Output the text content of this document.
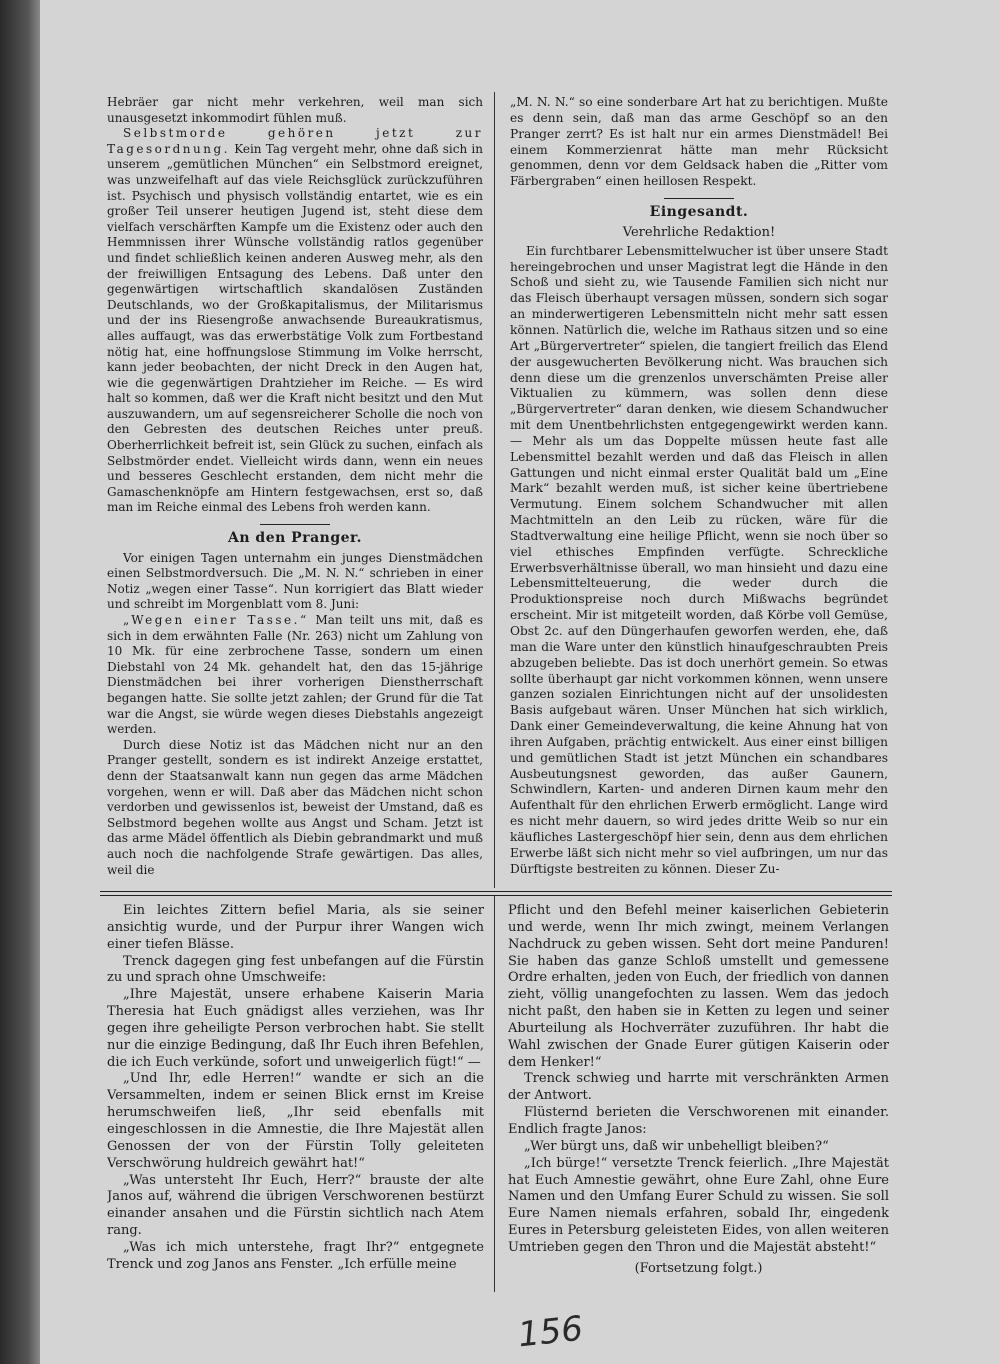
Hebräer gar nicht mehr verkehren, weil man sich unausgesetzt inkommodirt fühlen muß.

Selbstmorde gehören jetzt zur Tagesordnung. Kein Tag vergeht mehr, ohne daß sich in unserem „gemütlichen München“ ein Selbstmord ereignet, was unzweifelhaft auf das viele Reichsglück zurückzuführen ist. Psychisch und physisch vollständig entartet, wie es ein großer Teil unserer heutigen Jugend ist, steht diese dem vielfach verschärften Kampfe um die Existenz oder auch den Hemmnissen ihrer Wünsche vollständig ratlos gegenüber und findet schließlich keinen anderen Ausweg mehr, als den der freiwilligen Entsagung des Lebens. Daß unter den gegenwärtigen wirtschaftlich skandalösen Zuständen Deutschlands, wo der Großkapitalismus, der Militarismus und der ins Riesengroße anwachsende Bureaukratismus, alles auffaugt, was das erwerbstätige Volk zum Fortbestand nötig hat, eine hoffnungslose Stimmung im Volke herrscht, kann jeder beobachten, der nicht Dreck in den Augen hat, wie die gegenwärtigen Drahtzieher im Reiche. — Es wird halt so kommen, daß wer die Kraft nicht besitzt und den Mut auszuwandern, um auf segensreicherer Scholle die noch von den Gebresten des deutschen Reiches unter preuß. Oberherrlichkeit befreit ist, sein Glück zu suchen, einfach als Selbstmörder endet. Vielleicht wirds dann, wenn ein neues und besseres Geschlecht erstanden, dem nicht mehr die Gamaschenknöpfe am Hintern festgewachsen, erst so, daß man im Reiche einmal des Lebens froh werden kann.

An den Pranger.

Vor einigen Tagen unternahm ein junges Dienstmädchen einen Selbstmordversuch. Die „M. N. N.“ schrieben in einer Notiz „wegen einer Tasse“. Nun korrigiert das Blatt wieder und schreibt im Morgenblatt vom 8. Juni:

„Wegen einer Tasse.“ Man teilt uns mit, daß es sich in dem erwähnten Falle (Nr. 263) nicht um Zahlung von 10 Mk. für eine zerbrochene Tasse, sondern um einen Diebstahl von 24 Mk. gehandelt hat, den das 15-jährige Dienstmädchen bei ihrer vorherigen Dienstherrschaft begangen hatte. Sie sollte jetzt zahlen; der Grund für die Tat war die Angst, sie würde wegen dieses Diebstahls angezeigt werden.

Durch diese Notiz ist das Mädchen nicht nur an den Pranger gestellt, sondern es ist indirekt Anzeige erstattet, denn der Staatsanwalt kann nun gegen das arme Mädchen vorgehen, wenn er will. Daß aber das Mädchen nicht schon verdorben und gewissenlos ist, beweist der Umstand, daß es Selbstmord begehen wollte aus Angst und Scham. Jetzt ist das arme Mädel öffentlich als Diebin gebrandmarkt und muß auch noch die nachfolgende Strafe gewärtigen. Das alles, weil die

„M. N. N.“ so eine sonderbare Art hat zu berichtigen. Mußte es denn sein, daß man das arme Geschöpf so an den Pranger zerrt? Es ist halt nur ein armes Dienstmädel! Bei einem Kommerzienrat hätte man mehr Rücksicht genommen, denn vor dem Geldsack haben die „Ritter vom Färbergraben“ einen heillosen Respekt.

Eingesandt.
Verehrliche Redaktion!

Ein furchtbarer Lebensmittelwucher ist über unsere Stadt hereingebrochen und unser Magistrat legt die Hände in den Schoß und sieht zu, wie Tausende Familien sich nicht nur das Fleisch überhaupt versagen müssen, sondern sich sogar an minderwertigeren Lebensmitteln nicht mehr satt essen können. Natürlich die, welche im Rathaus sitzen und so eine Art „Bürgervertreter“ spielen, die tangiert freilich das Elend der ausgewucherten Bevölkerung nicht. Was brauchen sich denn diese um die grenzenlos unverschämten Preise aller Viktualien zu kümmern, was sollen denn diese „Bürgervertreter“ daran denken, wie diesem Schandwucher mit dem Unentbehrlichsten entgegengewirkt werden kann. — Mehr als um das Doppelte müssen heute fast alle Lebensmittel bezahlt werden und daß das Fleisch in allen Gattungen und nicht einmal erster Qualität bald um „Eine Mark“ bezahlt werden muß, ist sicher keine übertriebene Vermutung. Einem solchem Schandwucher mit allen Machtmitteln an den Leib zu rücken, wäre für die Stadtverwaltung eine heilige Pflicht, wenn sie noch über so viel ethisches Empfinden verfügte. Schreckliche Erwerbsverhältnisse überall, wo man hinsieht und dazu eine Lebensmittelteuerung, die weder durch die Produktionspreise noch durch Mißwachs begründet erscheint. Mir ist mitgeteilt worden, daß Körbe voll Gemüse, Obst 2c. auf den Düngerhaufen geworfen werden, ehe, daß man die Ware unter den künstlich hinaufgeschraubten Preis abzugeben beliebte. Das ist doch unerhört gemein. So etwas sollte überhaupt gar nicht vorkommen können, wenn unsere ganzen sozialen Einrichtungen nicht auf der unsolidesten Basis aufgebaut wären. Unser München hat sich wirklich, Dank einer Gemeindeverwaltung, die keine Ahnung hat von ihren Aufgaben, prächtig entwickelt. Aus einer einst billigen und gemütlichen Stadt ist jetzt München ein schandbares Ausbeutungsnest geworden, das außer Gaunern, Schwindlern, Karten- und anderen Dirnen kaum mehr den Aufenthalt für den ehrlichen Erwerb ermöglicht. Lange wird es nicht mehr dauern, so wird jedes dritte Weib so nur ein käufliches Lastergeschöpf hier sein, denn aus dem ehrlichen Erwerbe läßt sich nicht mehr so viel aufbringen, um nur das Dürftigste bestreiten zu können. Dieser Zu-

Ein leichtes Zittern befiel Maria, als sie seiner ansichtig wurde, und der Purpur ihrer Wangen wich einer tiefen Blässe.

Trenck dagegen ging fest unbefangen auf die Fürstin zu und sprach ohne Umschweife:

„Ihre Majestät, unsere erhabene Kaiserin Maria Theresia hat Euch gnädigst alles verziehen, was Ihr gegen ihre geheiligte Person verbrochen habt. Sie stellt nur die einzige Bedingung, daß Ihr Euch ihren Befehlen, die ich Euch verkünde, sofort und unweigerlich fügt!“ —

„Und Ihr, edle Herren!“ wandte er sich an die Versammelten, indem er seinen Blick ernst im Kreise herumschweifen ließ, „Ihr seid ebenfalls mit eingeschlossen in die Amnestie, die Ihre Majestät allen Genossen der von der Fürstin Tolly geleiteten Verschwörung huldreich gewährt hat!“

„Was untersteht Ihr Euch, Herr?“ brauste der alte Janos auf, während die übrigen Verschworenen bestürzt einander ansahen und die Fürstin sichtlich nach Atem rang.

„Was ich mich unterstehe, fragt Ihr?“ entgegnete Trenck und zog Janos ans Fenster. „Ich erfülle meine

Pflicht und den Befehl meiner kaiserlichen Gebieterin und werde, wenn Ihr mich zwingt, meinem Verlangen Nachdruck zu geben wissen. Seht dort meine Panduren! Sie haben das ganze Schloß umstellt und gemessene Ordre erhalten, jeden von Euch, der friedlich von dannen zieht, völlig unangefochten zu lassen. Wem das jedoch nicht paßt, den haben sie in Ketten zu legen und seiner Aburteilung als Hochverräter zuzuführen. Ihr habt die Wahl zwischen der Gnade Eurer gütigen Kaiserin oder dem Henker!“

Trenck schwieg und harrte mit verschränkten Armen der Antwort.

Flüsternd berieten die Verschworenen mit einander. Endlich fragte Janos:

„Wer bürgt uns, daß wir unbehelligt bleiben?“

„Ich bürge!“ versetzte Trenck feierlich. „Ihre Majestät hat Euch Amnestie gewährt, ohne Eure Zahl, ohne Eure Namen und den Umfang Eurer Schuld zu wissen. Sie soll Eure Namen niemals erfahren, sobald Ihr, eingedenk Eures in Petersburg geleisteten Eides, von allen weiteren Umtrieben gegen den Thron und die Majestät absteht!“

(Fortsetzung folgt.)

156
